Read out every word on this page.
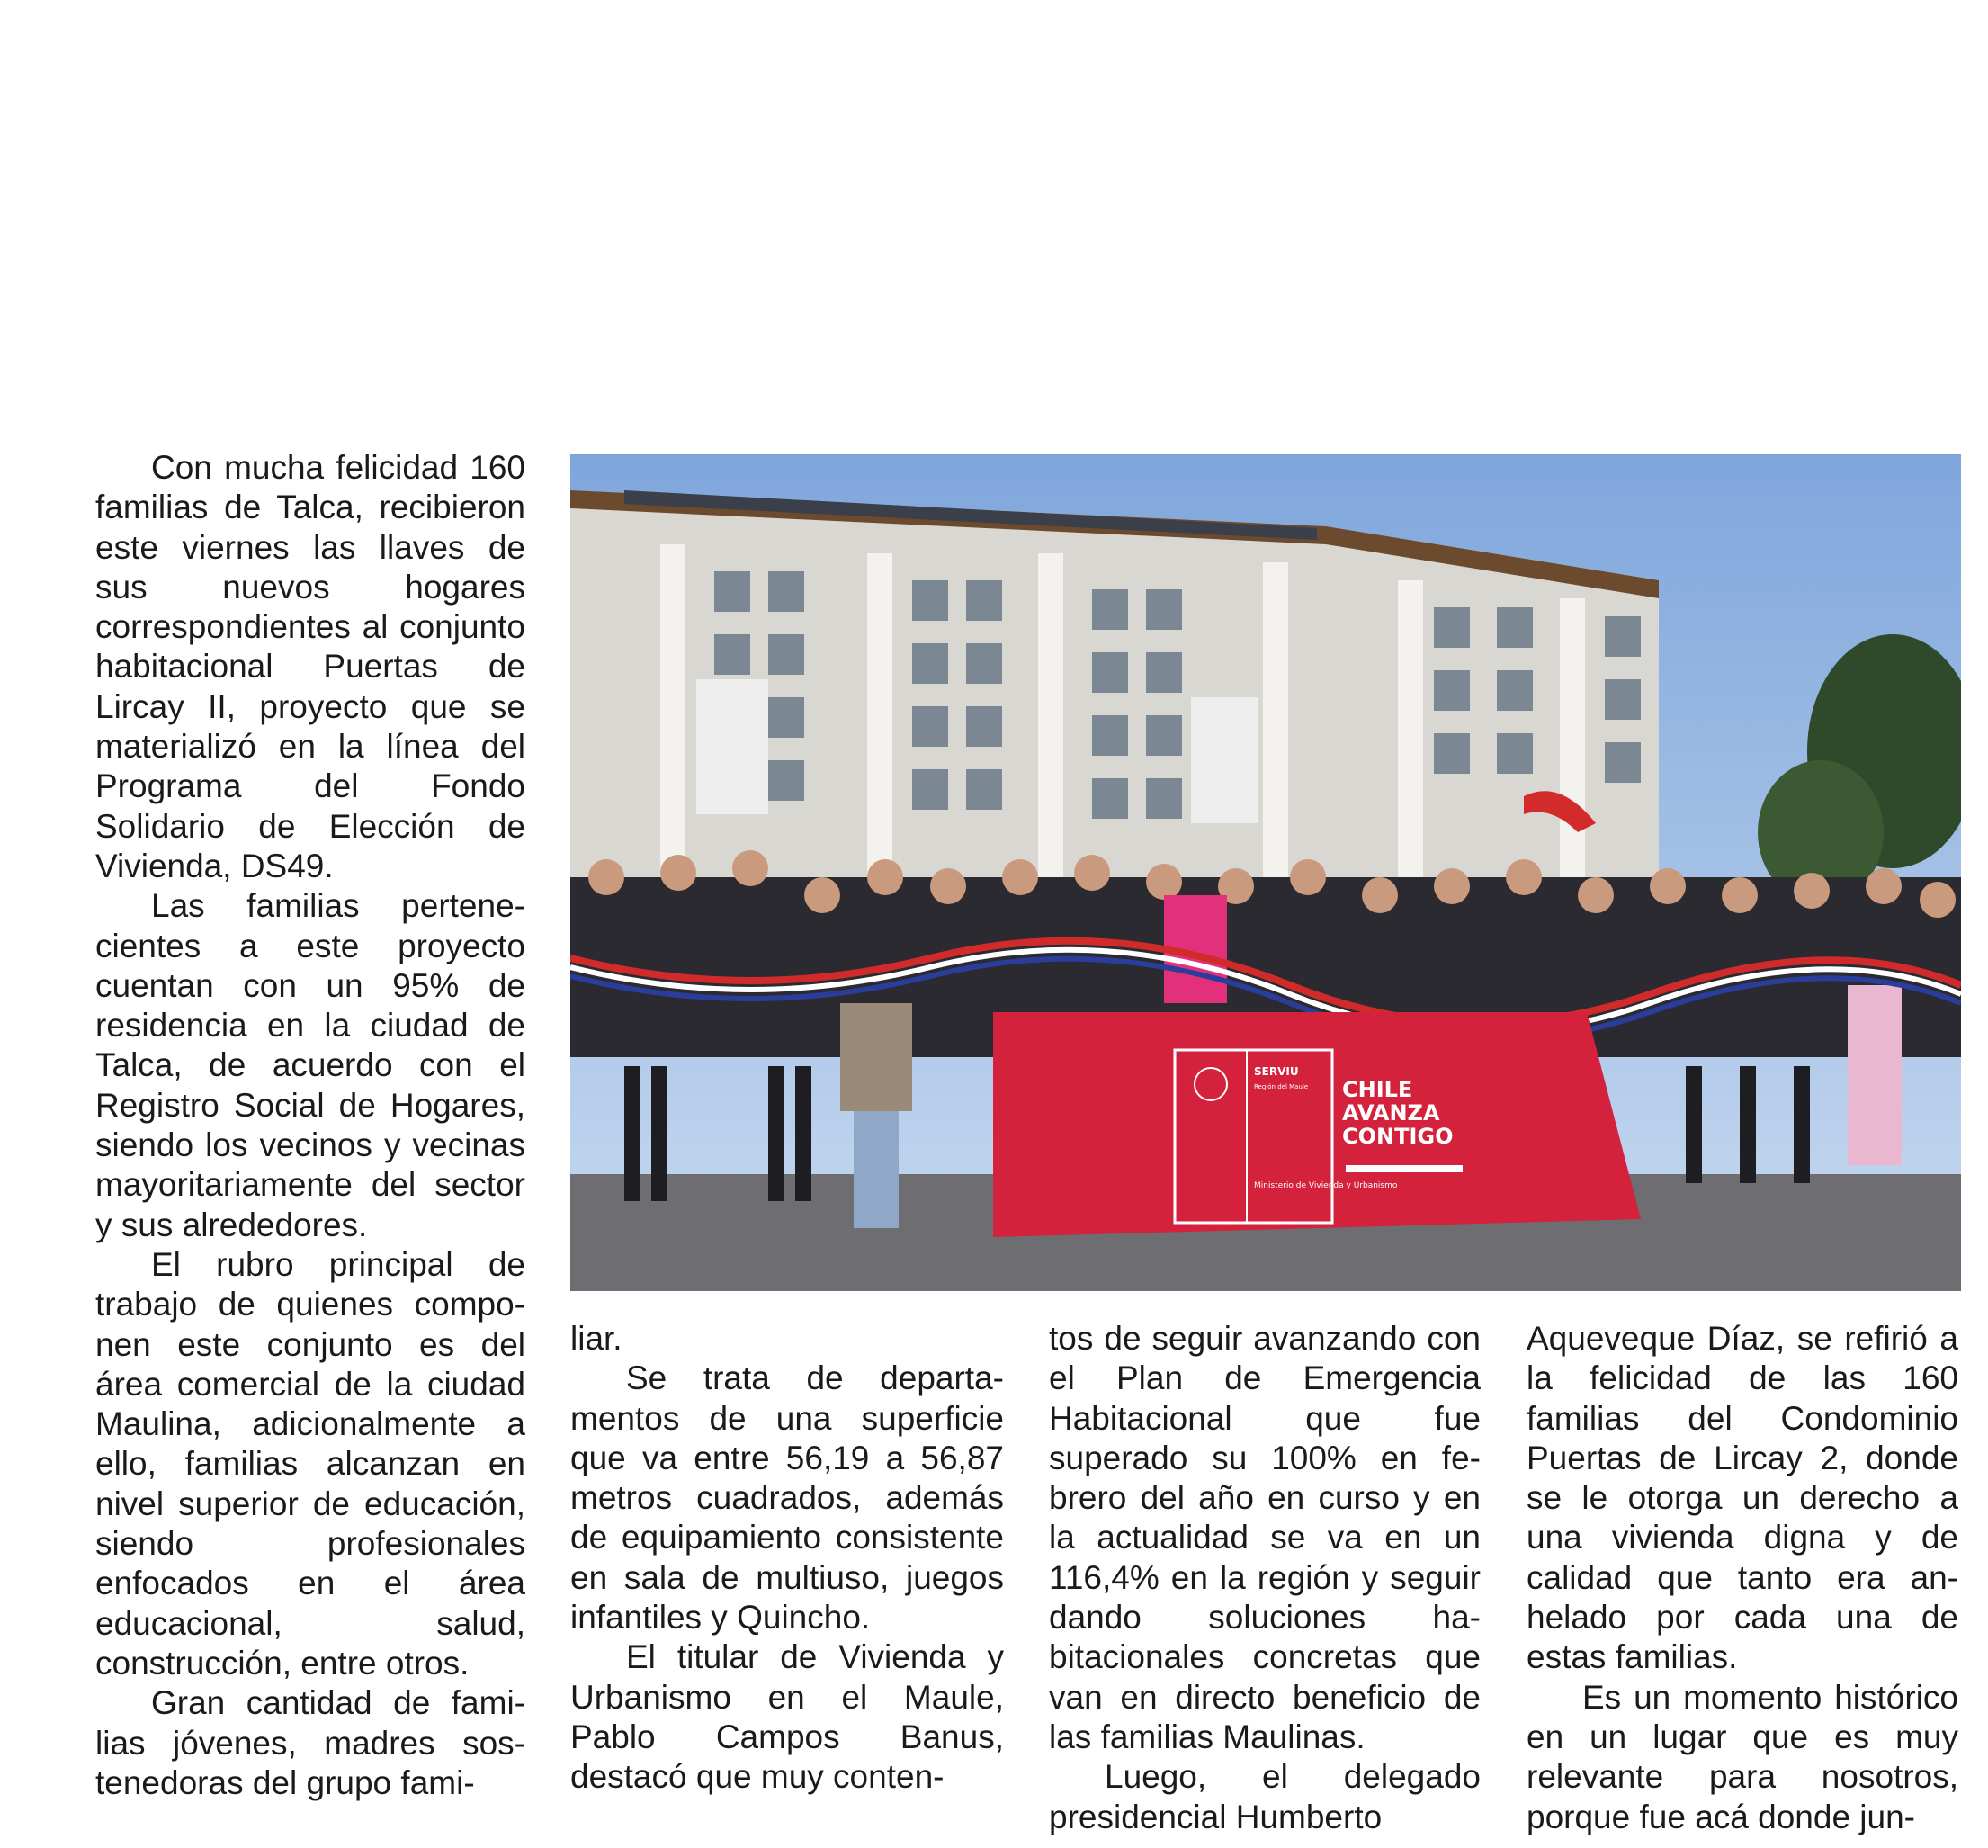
Con mucha felicidad 160 familias de Talca, recibieron este viernes las llaves de sus nuevos hogares correspondientes al conjunto habitacional Puertas de Lircay II, proyecto que se materializó en la línea del Programa del Fondo Solidario de Elección de Vivienda, DS49.

Las familias pertenecientes a este proyecto cuentan con un 95% de residencia en la ciudad de Talca, de acuerdo con el Registro Social de Hogares, siendo los vecinos y vecinas mayoritariamente del sector y sus alrededores.

El rubro principal de trabajo de quienes componen este conjunto es del área comercial de la ciudad Maulina, adicionalmente a ello, familias alcanzan en nivel superior de educación, siendo profesionales enfocados en el área educacional, salud, construcción, entre otros.

Gran cantidad de familias jóvenes, madres sostenedoras del grupo fami-

SERVIU
Región del Maule
Ministerio de Vivienda y Urbanismo
CHILE AVANZA CONTIGO

liar.

Se trata de departamentos de una superficie que va entre 56,19 a 56,87 metros cuadrados, además de equipamiento consistente en sala de multiuso, juegos infantiles y Quincho.

El titular de Vivienda y Urbanismo en el Maule, Pablo Campos Banus, destacó que muy conten-

tos de seguir avanzando con el Plan de Emergencia Habitacional que fue superado su 100% en febrero del año en curso y en la actualidad se va en un 116,4% en la región y seguir dando soluciones habitacionales concretas que van en directo beneficio de las familias Maulinas.

Luego, el delegado presidencial Humberto

Aqueveque Díaz, se refirió a la felicidad de las 160 familias del Condominio Puertas de Lircay 2, donde se le otorga un derecho a una vivienda digna y de calidad que tanto era anhelado por cada una de estas familias.

Es un momento histórico en un lugar que es muy relevante para nosotros, porque fue acá donde jun-
